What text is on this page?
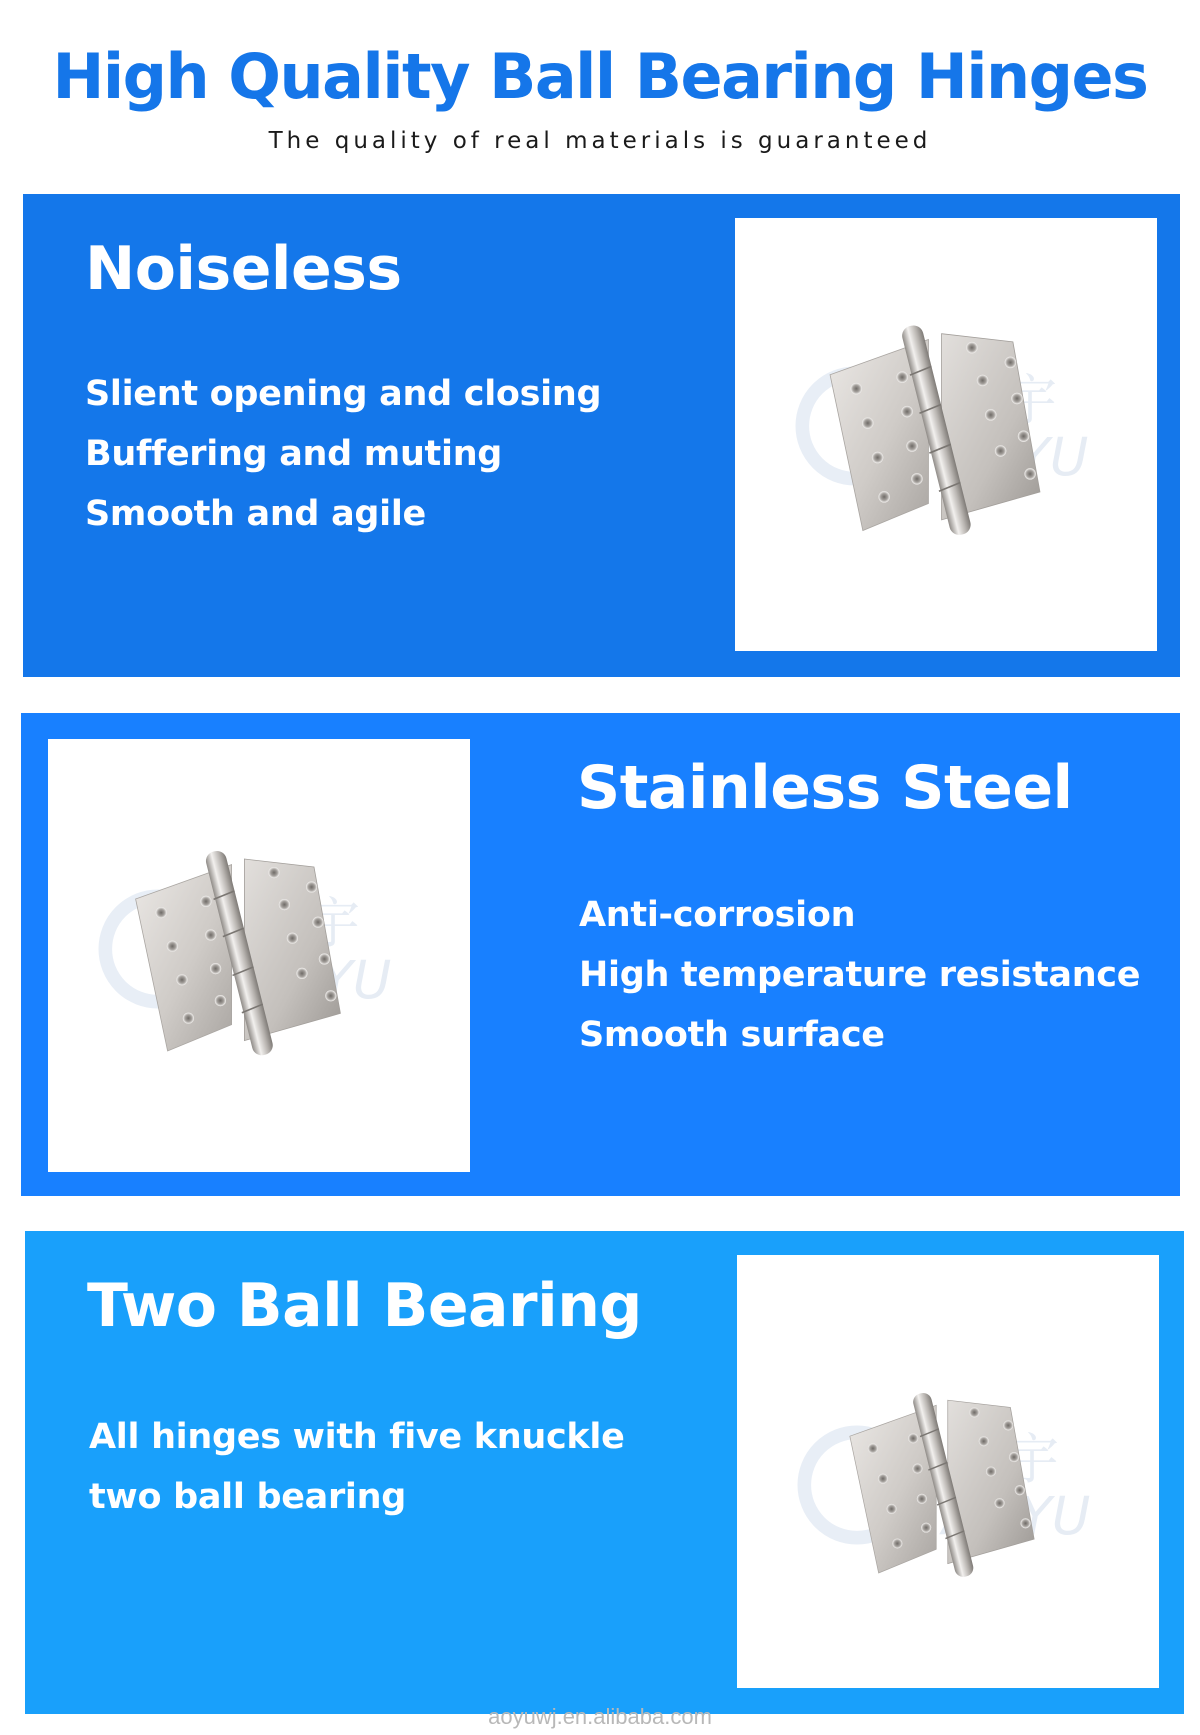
High Quality Ball Bearing Hinges

The quality of real materials is guaranteed

Noiseless
Slient opening and closing
Buffering and muting
Smooth and agile
Stainless Steel
Anti-corrosion
High temperature resistance
Smooth surface
Two Ball Bearing
All hinges with five knuckle
two ball bearing
aoyuwj.en.alibaba.com
